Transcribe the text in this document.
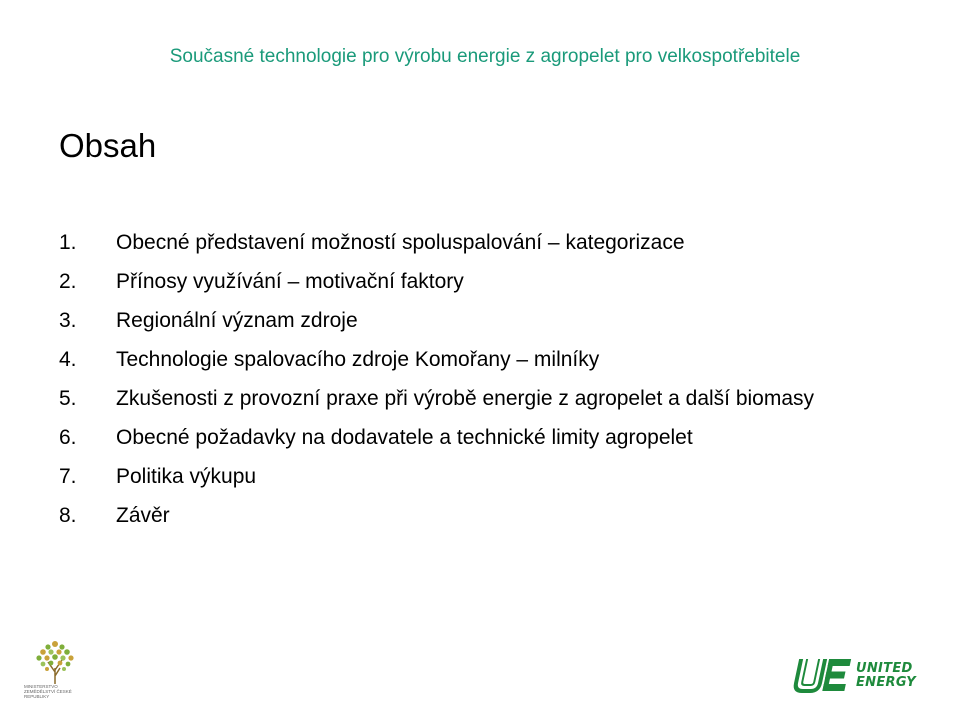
Současné technologie pro výrobu energie z agropelet pro velkospotřebitele
Obsah
1.	Obecné představení možností spoluspalování – kategorizace
2.	Přínosy využívání – motivační faktory
3.	Regionální význam zdroje
4.	Technologie spalovacího zdroje Komořany – milníky
5.	Zkušenosti z provozní praxe při výrobě energie z agropelet a další biomasy
6.	Obecné požadavky na dodavatele a technické limity agropelet
7.	Politika výkupu
8.	Závěr
MINISTERSTVO ZEMĚDĚLSTVÍ ČESKÉ REPUBLIKY
UNITED
ENERGY
